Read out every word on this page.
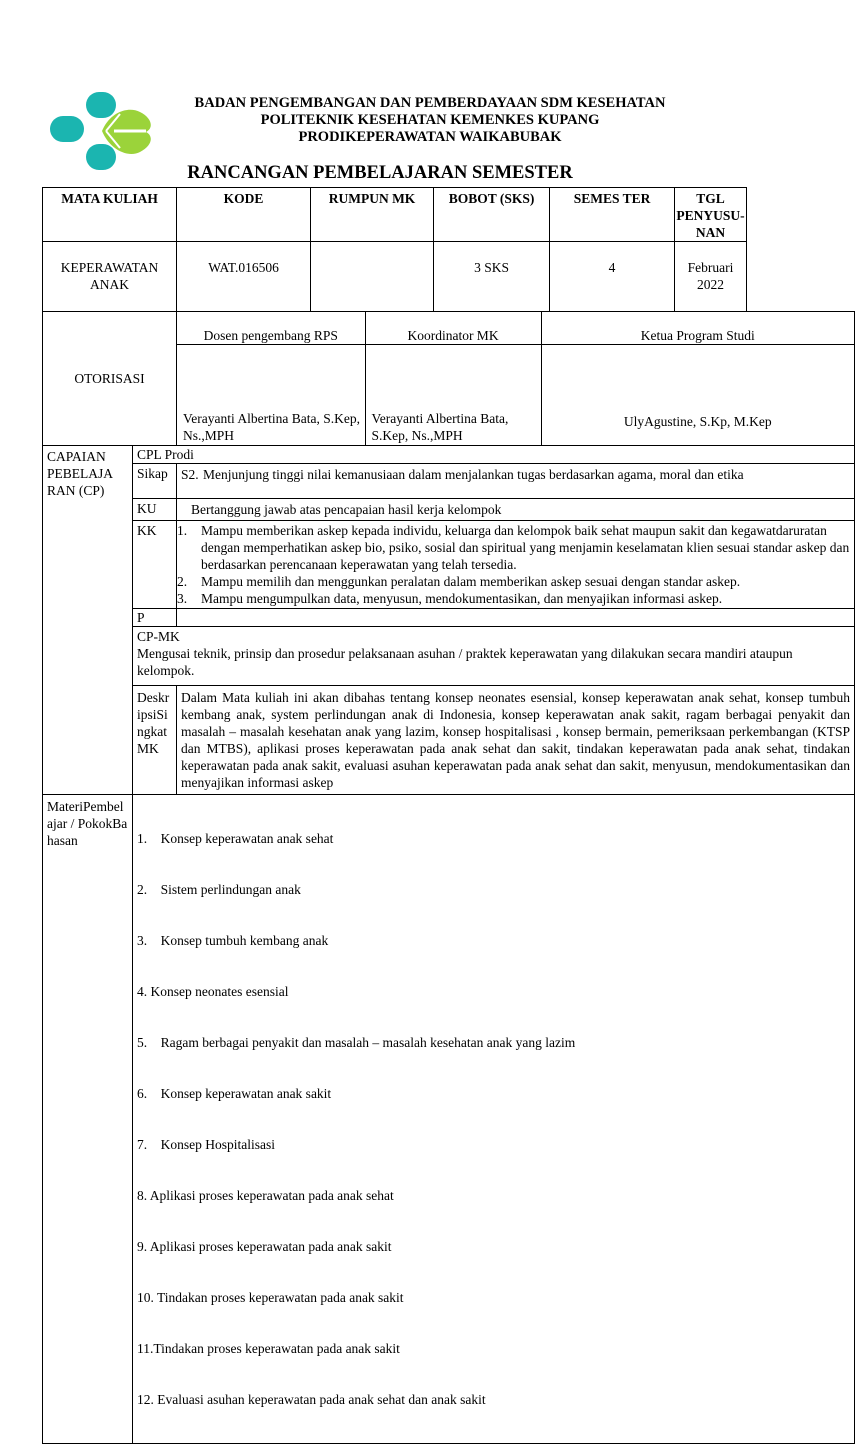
BADAN PENGEMBANGAN DAN PEMBERDAYAAN SDM KESEHATAN
POLITEKNIK KESEHATAN KEMENKES KUPANG
PRODIKEPERAWATAN WAIKABUBAK
RANCANGAN PEMBELAJARAN SEMESTER
MATA KULIAH	KODE	RUMPUN MK	BOBOT (SKS)	SEMES TER	TGL PENYUSU- NAN
KEPERAWATAN ANAK	WAT.016506		3 SKS	4	Februari 2022
OTORISASI	
Dosen pengembang RPS	Koordinator MK	Ketua Program Studi
Verayanti Albertina Bata, S.Kep, Ns.,MPH	Verayanti Albertina Bata, S.Kep, Ns.,MPH	UlyAgustine, S.Kp, M.Kep

CAPAIAN PEBELAJA RAN (CP)	CPL Prodi
Sikap	S2. Menjunjung tinggi nilai kemanusiaan dalam menjalankan tugas berdasarkan agama, moral dan etika

KU	Bertanggung jawab atas pencapaian hasil kerja kelompok
KK	1.	Mampu memberikan askep kepada individu, keluarga dan kelompok baik sehat maupun sakit dan kegawatdaruratan dengan memperhatikan askep bio, psiko, sosial dan spiritual yang menjamin keselamatan klien sesuai standar askep dan berdasarkan perencanaan keperawatan yang telah tersedia.
2.	Mampu memilih dan menggunkan peralatan dalam memberikan askep sesuai dengan standar askep.
3.	Mampu mengumpulkan data, menyusun, mendokumentasikan, dan menyajikan informasi askep.

P	

CP-MK
Mengusai teknik, prinsip dan prosedur pelaksanaan asuhan / praktek keperawatan yang dilakukan secara mandiri ataupun kelompok.

DeskripsiSingkatMK	Dalam Mata kuliah ini akan dibahas tentang konsep neonates esensial, konsep keperawatan anak sehat, konsep tumbuh kembang anak, system perlindungan anak di Indonesia, konsep keperawatan anak sakit, ragam berbagai penyakit dan masalah – masalah kesehatan anak yang lazim, konsep hospitalisasi , konsep bermain, pemeriksaan perkembangan (KTSP dan MTBS), aplikasi proses keperawatan pada anak sehat dan sakit, tindakan keperawatan pada anak sehat, tindakan keperawatan pada anak sakit, evaluasi asuhan keperawatan pada anak sehat dan sakit, menyusun, mendokumentasikan dan menyajikan informasi askep
MateriPembelajar / PokokBahasan	1.    Konsep keperawatan anak sehat

2.    Sistem perlindungan anak

3.    Konsep tumbuh kembang anak

4. Konsep neonates esensial

5.    Ragam berbagai penyakit dan masalah – masalah kesehatan anak yang lazim

6.    Konsep keperawatan anak sakit

7.    Konsep Hospitalisasi

8. Aplikasi proses keperawatan pada anak sehat

9. Aplikasi proses keperawatan pada anak sakit

10. Tindakan proses keperawatan pada anak sakit

11.Tindakan proses keperawatan pada anak sakit

12. Evaluasi asuhan keperawatan pada anak sehat dan anak sakit
